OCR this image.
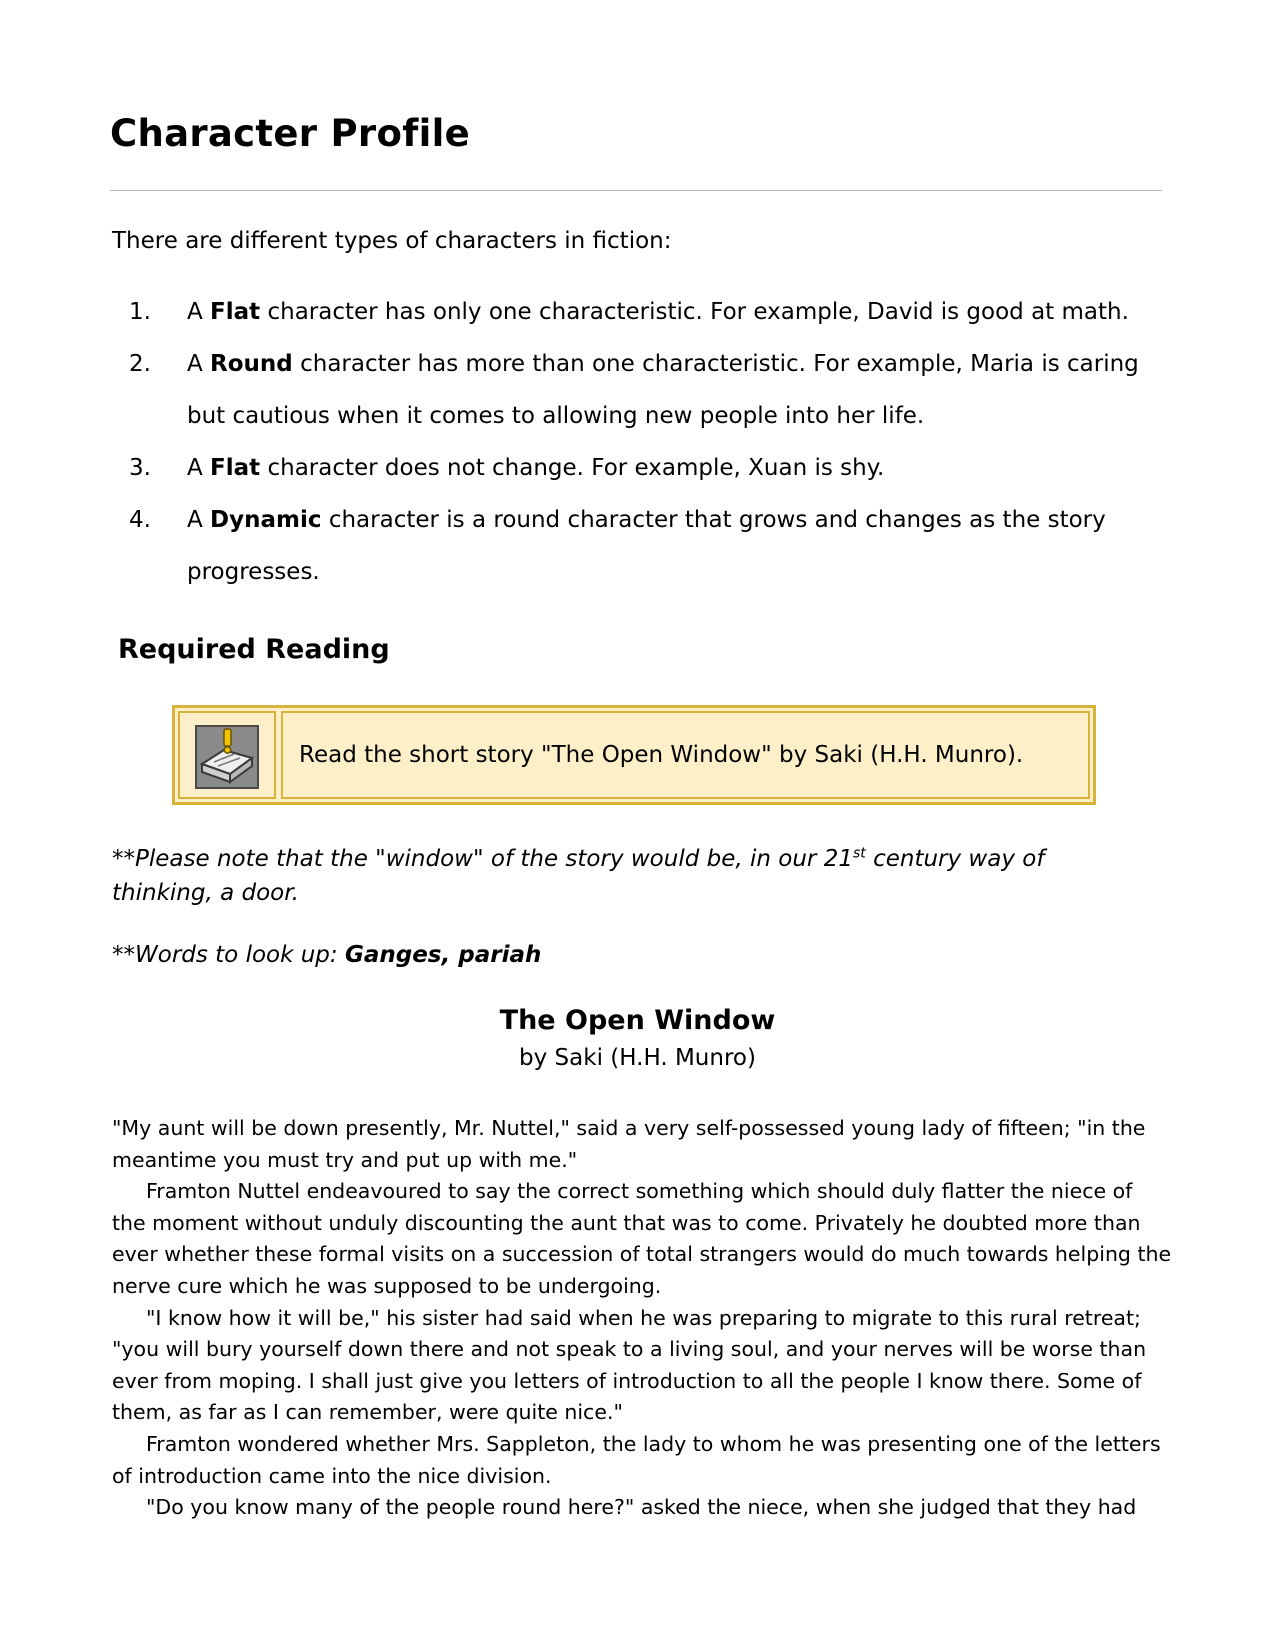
Character Profile

There are different types of characters in fiction:

1. A Flat character has only one characteristic. For example, David is good at math.
2. A Round character has more than one characteristic. For example, Maria is caring but cautious when it comes to allowing new people into her life.
3. A Flat character does not change. For example, Xuan is shy.
4. A Dynamic character is a round character that grows and changes as the story progresses.
Required Reading
Read the short story "The Open Window" by Saki (H.H. Munro).

**Please note that the "window" of the story would be, in our 21st century way of thinking, a door.

**Words to look up: Ganges, pariah

The Open Window

by Saki (H.H. Munro)

"My aunt will be down presently, Mr. Nuttel," said a very self-possessed young lady of fifteen; "in the meantime you must try and put up with me."

Framton Nuttel endeavoured to say the correct something which should duly flatter the niece of the moment without unduly discounting the aunt that was to come. Privately he doubted more than ever whether these formal visits on a succession of total strangers would do much towards helping the nerve cure which he was supposed to be undergoing.

"I know how it will be," his sister had said when he was preparing to migrate to this rural retreat; "you will bury yourself down there and not speak to a living soul, and your nerves will be worse than ever from moping. I shall just give you letters of introduction to all the people I know there. Some of them, as far as I can remember, were quite nice."

Framton wondered whether Mrs. Sappleton, the lady to whom he was presenting one of the letters of introduction came into the nice division.

"Do you know many of the people round here?" asked the niece, when she judged that they had
